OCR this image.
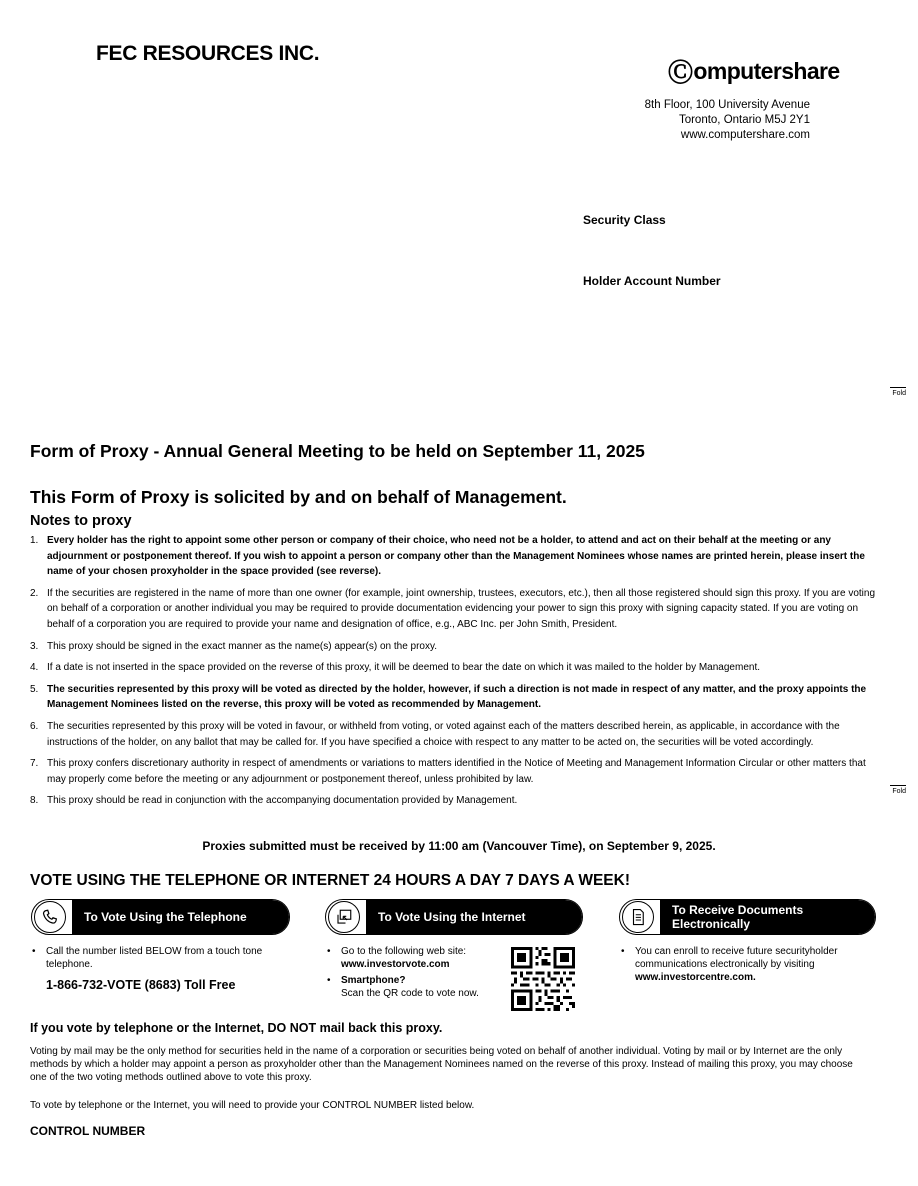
FEC RESOURCES INC.
Ⓒ omputershare
8th Floor, 100 University Avenue
Toronto, Ontario M5J 2Y1
www.computershare.com
Security Class
Holder Account Number
Fold
Fold
Form of Proxy - Annual General Meeting to be held on September 11, 2025
This Form of Proxy is solicited by and on behalf of Management.
Notes to proxy
1. Every holder has the right to appoint some other person or company of their choice, who need not be a holder, to attend and act on their behalf at the meeting or any adjournment or postponement thereof. If you wish to appoint a person or company other than the Management Nominees whose names are printed herein, please insert the name of your chosen proxyholder in the space provided (see reverse).
2. If the securities are registered in the name of more than one owner (for example, joint ownership, trustees, executors, etc.), then all those registered should sign this proxy. If you are voting on behalf of a corporation or another individual you may be required to provide documentation evidencing your power to sign this proxy with signing capacity stated. If you are voting on behalf of a corporation you are required to provide your name and designation of office, e.g., ABC Inc. per John Smith, President.
3. This proxy should be signed in the exact manner as the name(s) appear(s) on the proxy.
4. If a date is not inserted in the space provided on the reverse of this proxy, it will be deemed to bear the date on which it was mailed to the holder by Management.
5. The securities represented by this proxy will be voted as directed by the holder, however, if such a direction is not made in respect of any matter, and the proxy appoints the Management Nominees listed on the reverse, this proxy will be voted as recommended by Management.
6. The securities represented by this proxy will be voted in favour, or withheld from voting, or voted against each of the matters described herein, as applicable, in accordance with the instructions of the holder, on any ballot that may be called for. If you have specified a choice with respect to any matter to be acted on, the securities will be voted accordingly.
7. This proxy confers discretionary authority in respect of amendments or variations to matters identified in the Notice of Meeting and Management Information Circular or other matters that may properly come before the meeting or any adjournment or postponement thereof, unless prohibited by law.
8. This proxy should be read in conjunction with the accompanying documentation provided by Management.
Proxies submitted must be received by 11:00 am (Vancouver Time), on September 9, 2025.
VOTE USING THE TELEPHONE OR INTERNET 24 HOURS A DAY 7 DAYS A WEEK!
To Vote Using the Telephone
•	Call the number listed BELOW from a touch tone telephone.
1-866-732-VOTE (8683) Toll Free
To Vote Using the Internet
•	Go to the following web site:
www.investorvote.com
•	Smartphone?
Scan the QR code to vote now.
To Receive Documents Electronically
•	You can enroll to receive future securityholder communications electronically by visiting
www.investorcentre.com.
If you vote by telephone or the Internet, DO NOT mail back this proxy.
Voting by mail may be the only method for securities held in the name of a corporation or securities being voted on behalf of another individual. Voting by mail or by Internet are the only methods by which a holder may appoint a person as proxyholder other than the Management Nominees named on the reverse of this proxy. Instead of mailing this proxy, you may choose one of the two voting methods outlined above to vote this proxy.
To vote by telephone or the Internet, you will need to provide your CONTROL NUMBER listed below.
CONTROL NUMBER
